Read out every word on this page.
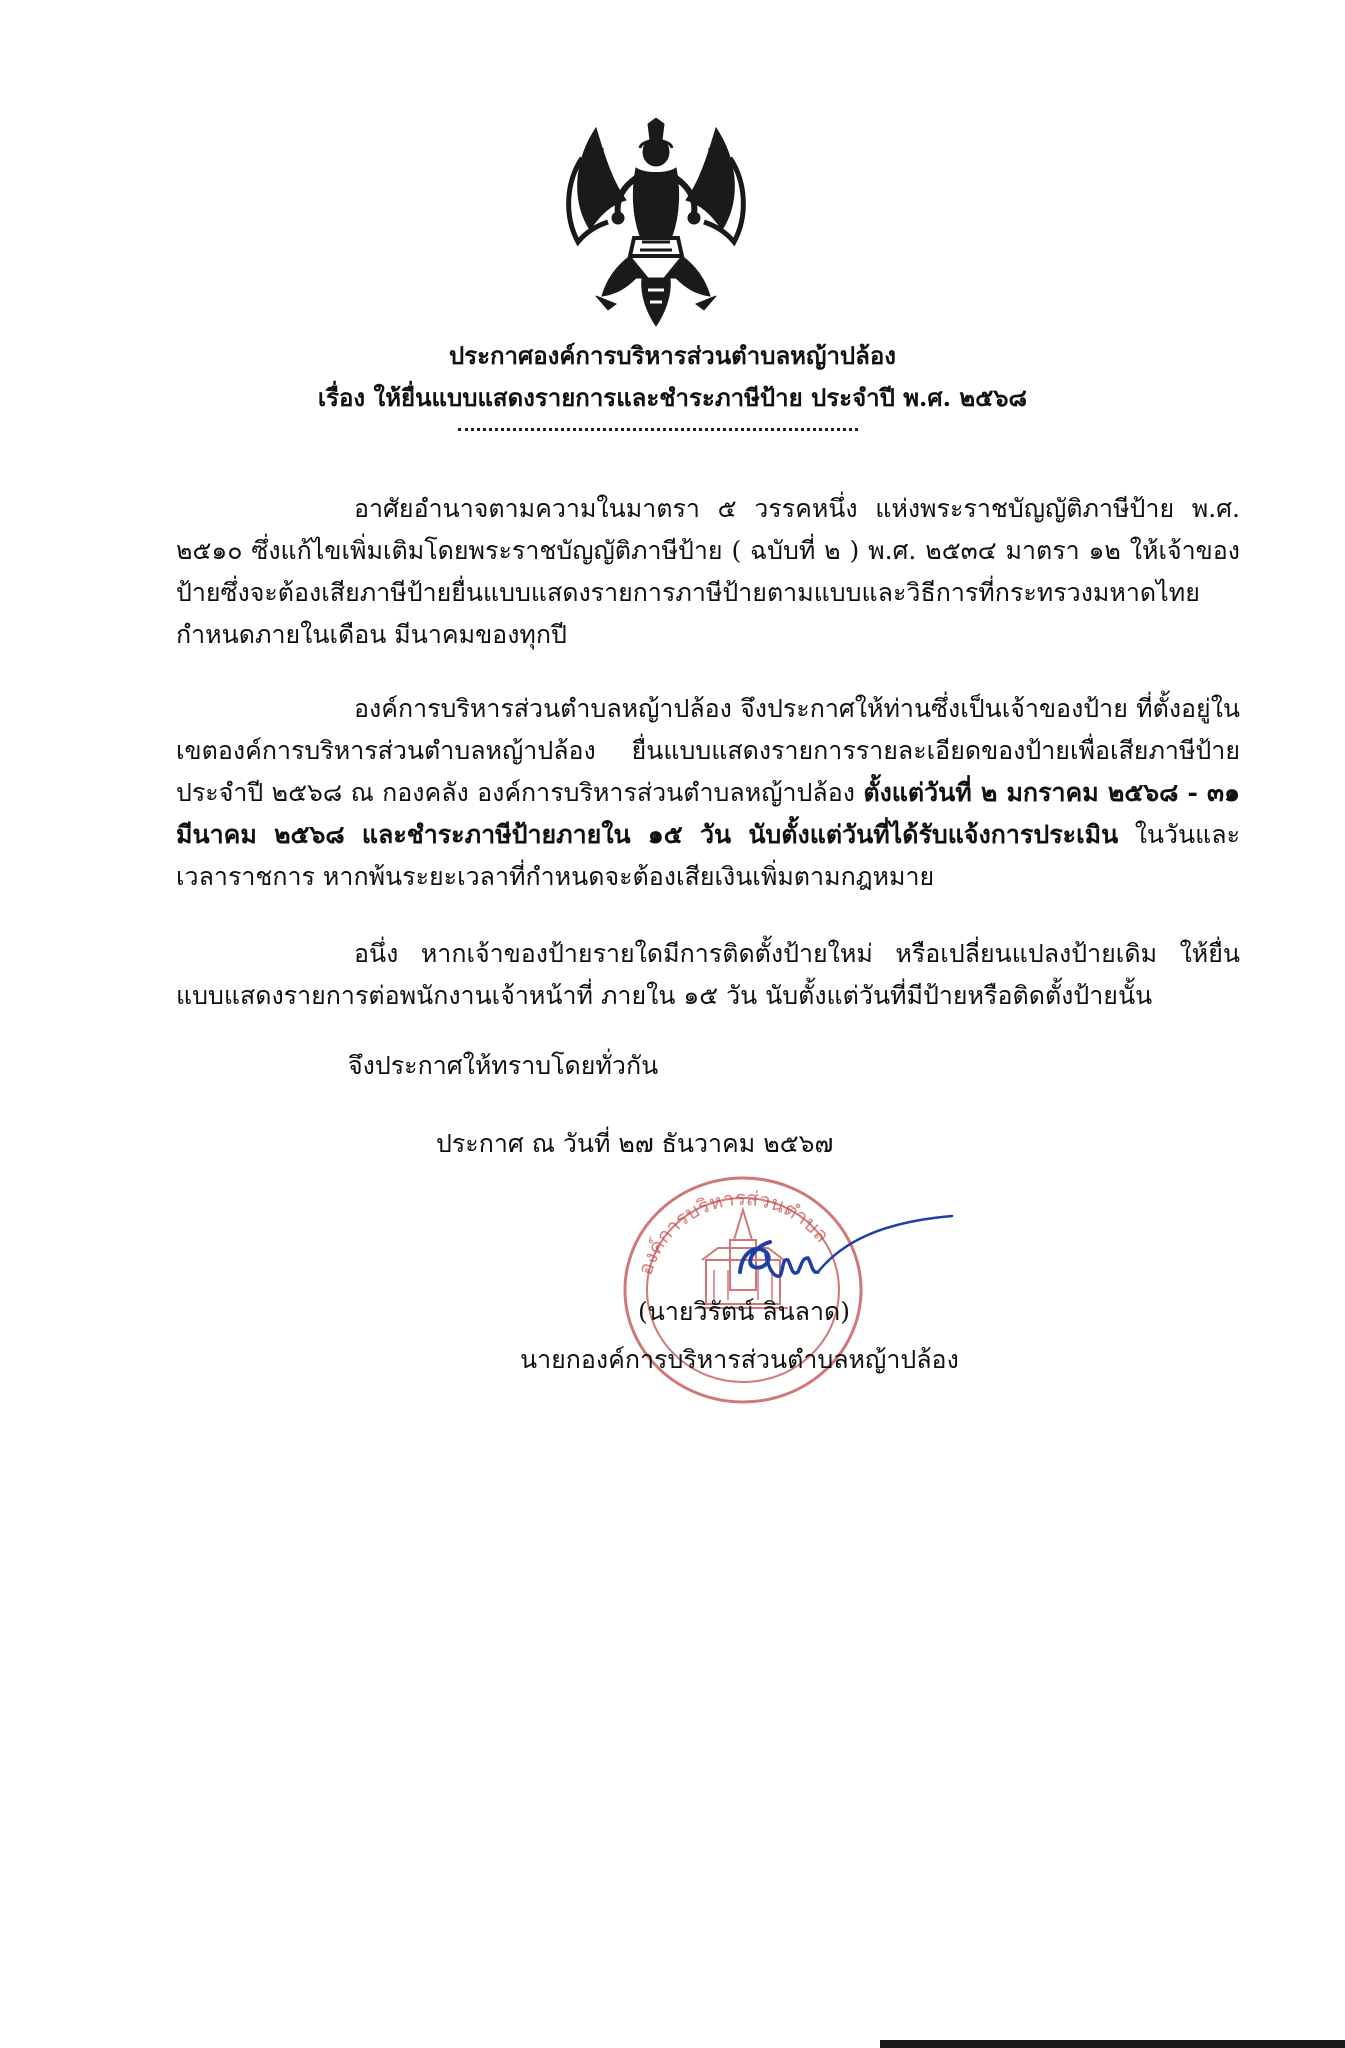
ประกาศองค์การบริหารส่วนตำบลหญ้าปล้อง
เรื่อง ให้ยื่นแบบแสดงรายการและชำระภาษีป้าย ประจำปี พ.ศ. ๒๕๖๘
อาศัยอำนาจตามความในมาตรา ๕ วรรคหนึ่ง แห่งพระราชบัญญัติภาษีป้าย พ.ศ. ๒๕๑๐ ซึ่งแก้ไขเพิ่มเติมโดยพระราชบัญญัติภาษีป้าย ( ฉบับที่ ๒ ) พ.ศ. ๒๕๓๔ มาตรา ๑๒ ให้เจ้าของป้ายซึ่งจะต้องเสียภาษีป้ายยื่นแบบแสดงรายการภาษีป้ายตามแบบและวิธีการที่กระทรวงมหาดไทยกำหนดภายในเดือน มีนาคมของทุกปี
องค์การบริหารส่วนตำบลหญ้าปล้อง จึงประกาศให้ท่านซึ่งเป็นเจ้าของป้าย ที่ตั้งอยู่ในเขตองค์การบริหารส่วนตำบลหญ้าปล้อง ยื่นแบบแสดงรายการรายละเอียดของป้ายเพื่อเสียภาษีป้าย ประจำปี ๒๕๖๘ ณ กองคลัง องค์การบริหารส่วนตำบลหญ้าปล้อง ตั้งแต่วันที่ ๒ มกราคม ๒๕๖๘ - ๓๑ มีนาคม ๒๕๖๘ และชำระภาษีป้ายภายใน ๑๕ วัน นับตั้งแต่วันที่ได้รับแจ้งการประเมิน ในวันและเวลาราชการ หากพ้นระยะเวลาที่กำหนดจะต้องเสียเงินเพิ่มตามกฎหมาย
อนึ่ง หากเจ้าของป้ายรายใดมีการติดตั้งป้ายใหม่ หรือเปลี่ยนแปลงป้ายเดิม ให้ยื่นแบบแสดงรายการต่อพนักงานเจ้าหน้าที่ ภายใน ๑๕ วัน นับตั้งแต่วันที่มีป้ายหรือติดตั้งป้ายนั้น
จึงประกาศให้ทราบโดยทั่วกัน
ประกาศ ณ วันที่ ๒๗ ธันวาคม ๒๕๖๗
องค์การบริหารส่วนตำบล
(นายวิรัตน์ ลินลาด)
นายกองค์การบริหารส่วนตำบลหญ้าปล้อง
